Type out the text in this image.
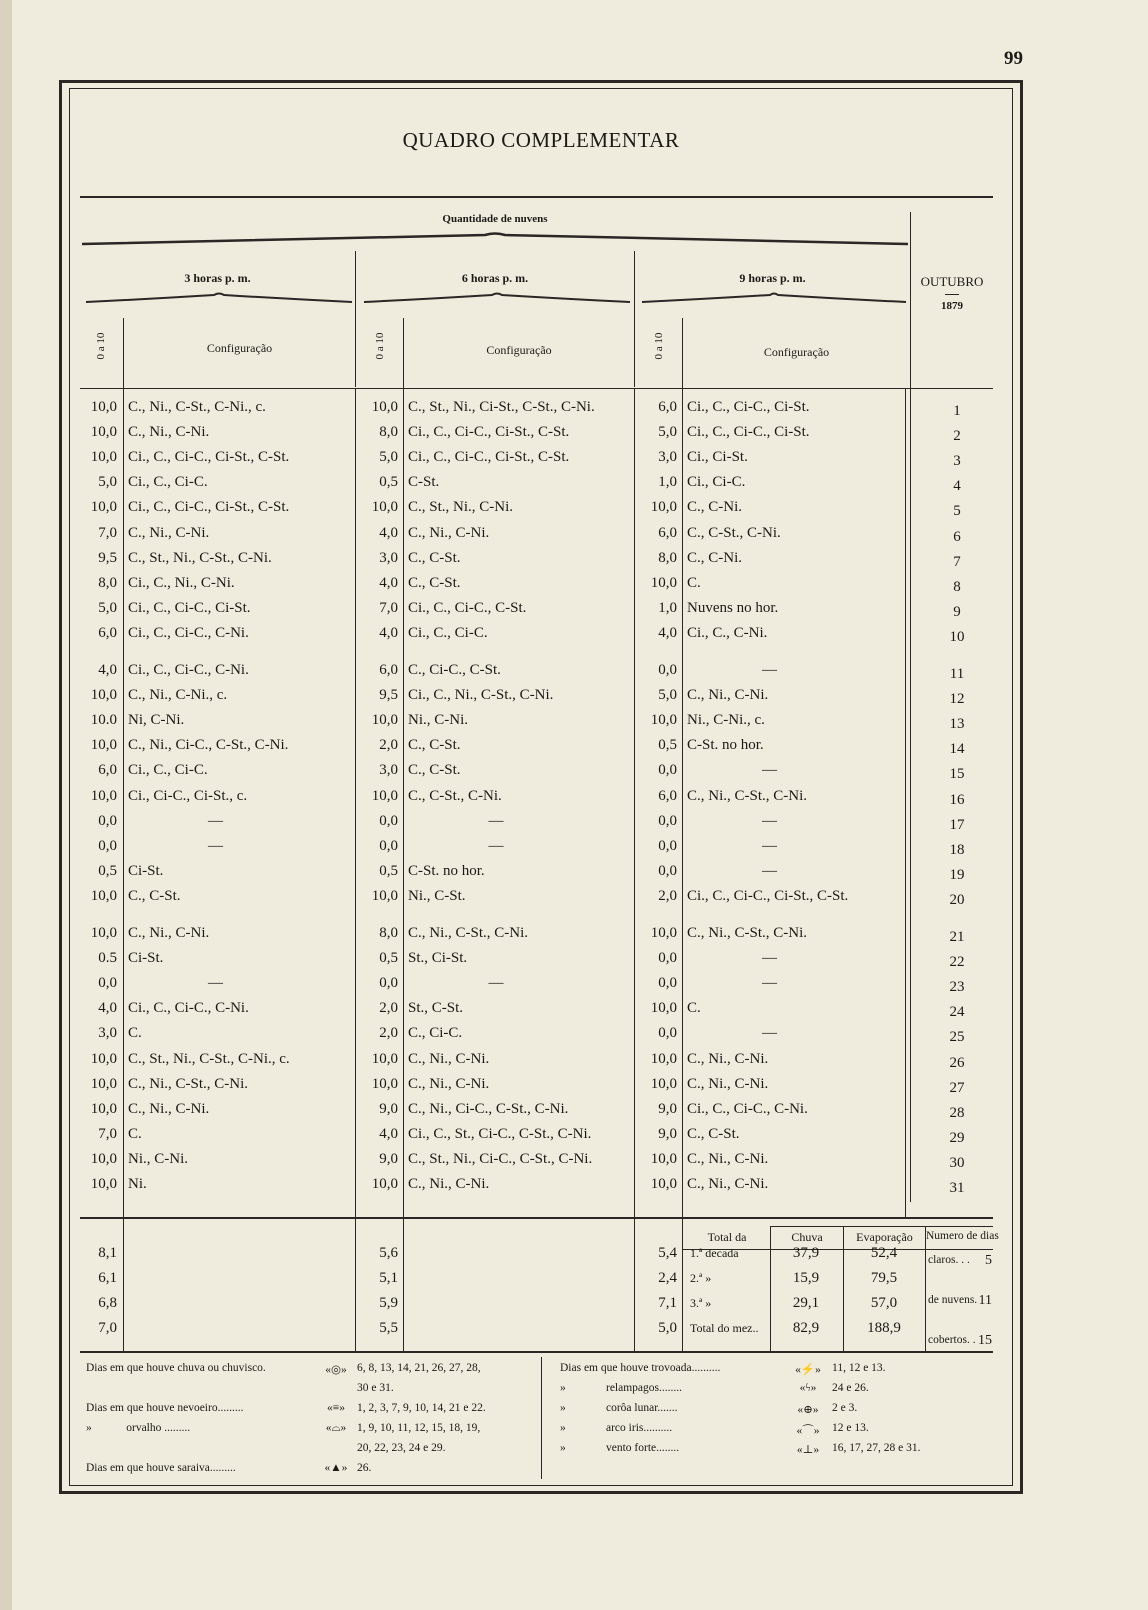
99
QUADRO COMPLEMENTAR
Quantidade de nuvens
3 horas p. m.	6 horas p. m.	9 horas p. m.	OUTUBRO
1879
0 a 10	0 a 10	0 a 10
Configuração	Configuração	Configuração
10,0 C., Ni., C-St., C-Ni., c.	10,0 C., St., Ni., Ci-St., C-St., C-Ni.	6,0 Ci., C., Ci-C., Ci-St.	1
10,0 C., Ni., C-Ni.	8,0 Ci., C., Ci-C., Ci-St., C-St.	5,0 Ci., C., Ci-C., Ci-St.	2
10,0 Ci., C., Ci-C., Ci-St., C-St.	5,0 Ci., C., Ci-C., Ci-St., C-St.	3,0 Ci., Ci-St.	3
5,0 Ci., C., Ci-C.	0,5 C-St.	1,0 Ci., Ci-C.	4
10,0 Ci., C., Ci-C., Ci-St., C-St.	10,0 C., St., Ni., C-Ni.	10,0 C., C-Ni.	5
7,0 C., Ni., C-Ni.	4,0 C., Ni., C-Ni.	6,0 C., C-St., C-Ni.	6
9,5 C., St., Ni., C-St., C-Ni.	3,0 C., C-St.	8,0 C., C-Ni.	7
8,0 Ci., C., Ni., C-Ni.	4,0 C., C-St.	10,0 C.	8
5,0 Ci., C., Ci-C., Ci-St.	7,0 Ci., C., Ci-C., C-St.	1,0 Nuvens no hor.	9
6,0 Ci., C., Ci-C., C-Ni.	4,0 Ci., C., Ci-C.	4,0 Ci., C., C-Ni.	10
4,0 Ci., C., Ci-C., C-Ni.	6,0 C., Ci-C., C-St.	0,0	—	11
10,0 C., Ni., C-Ni., c.	9,5 Ci., C., Ni., C-St., C-Ni.	5,0 C., Ni., C-Ni.	12
10.0 Ni, C-Ni.	10,0 Ni., C-Ni.	10,0 Ni., C-Ni., c.	13
10,0 C., Ni., Ci-C., C-St., C-Ni.	2,0 C., C-St.	0,5 C-St. no hor.	14
6,0 Ci., C., Ci-C.	3,0 C., C-St.	0,0	—	15
10,0 Ci., Ci-C., Ci-St., c.	10,0 C., C-St., C-Ni.	6,0 C., Ni., C-St., C-Ni.	16
0,0	—	0,0	—	0,0	—	17
0,0	—	0,0	—	0,0	—	18
0,5 Ci-St.	0,5 C-St. no hor.	0,0	—	19
10,0 C., C-St.	10,0 Ni., C-St.	2,0 Ci., C., Ci-C., Ci-St., C-St.	20
10,0 C., Ni., C-Ni.	8,0 C., Ni., C-St., C-Ni.	10,0 C., Ni., C-St., C-Ni.	21
0.5 Ci-St.	0,5 St., Ci-St.	0,0	—	22
0,0	—	0,0	—	0,0	—	23
4,0 Ci., C., Ci-C., C-Ni.	2,0 St., C-St.	10,0 C.	24
3,0 C.	2,0 C., Ci-C.	0,0	—	25
10,0 C., St., Ni., C-St., C-Ni., c.	10,0 C., Ni., C-Ni.	10,0 C., Ni., C-Ni.	26
10,0 C., Ni., C-St., C-Ni.	10,0 C., Ni., C-Ni.	10,0 C., Ni., C-Ni.	27
10,0 C., Ni., C-Ni.	9,0 C., Ni., Ci-C., C-St., C-Ni.	9,0 Ci., C., Ci-C., C-Ni.	28
7,0 C.	4,0 Ci., C., St., Ci-C., C-St., C-Ni.	9,0 C., C-St.	29
10,0 Ni., C-Ni.	9,0 C., St., Ni., Ci-C., C-St., C-Ni.	10,0 C., Ni., C-Ni.	30
10,0 Ni.	10,0 C., Ni., C-Ni.	10,0 C., Ni., C-Ni.	31
8,1	5,6	5,4 1.ª decada	37,9	52,4
6,1	5,1	2,4 2.ª »	15,9	79,5
6,8	5,9	7,1 3.ª »	29,1	57,0
7,0	5,5	5,0 Total do mez..	82,9	188,9
Total da	Chuva	Evaporação	Numero de dias
claros. . .	5
de nuvens. 11
cobertos. . 15
Dias em que houve chuva ou chuvisco.	«◎» 6, 8, 13, 14, 21, 26, 27, 28,
30 e 31.
Dias em que houve nevoeiro.........	«≡»	1, 2, 3, 7, 9, 10, 14, 21 e 22.
»            orvalho .........	«⌓» 1, 9, 10, 11, 12, 15, 18, 19,
20, 22, 23, 24 e 29.
Dias em que houve saraiva.........	«▲» 26.
Dias em que houve trovoada..........	«⚡» 11, 12 e 13.
»              relampagos........	«ϟ»	24 e 26.
»              corôa lunar.......	«⊕»	2 e 3.
»              arco iris..........	«⌒»	12 e 13.
»              vento forte........	«⊥»	16, 17, 27, 28 e 31.
